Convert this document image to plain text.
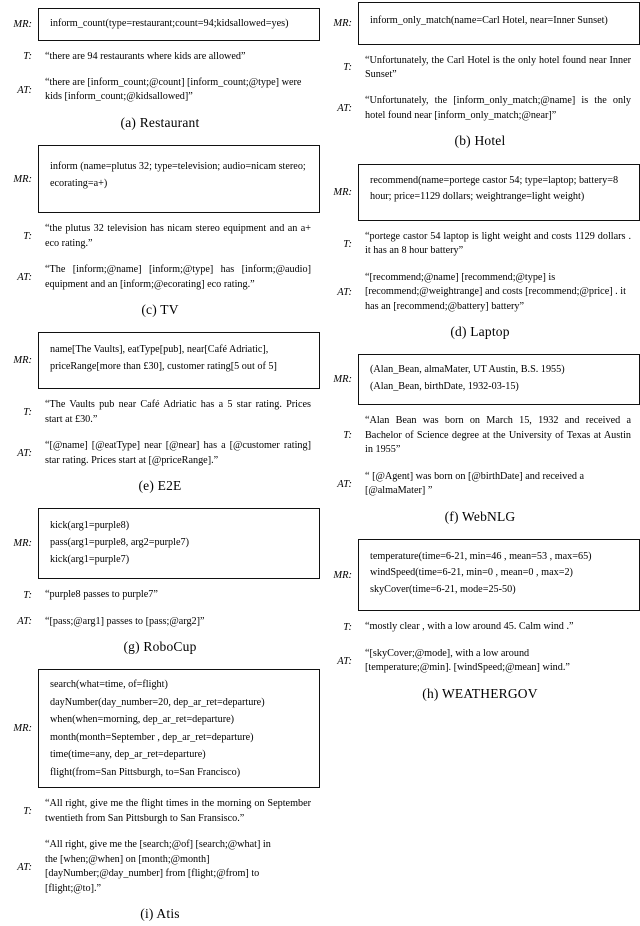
MR:	inform_count(type=restaurant;count=94;kidsallowed=yes)
T:	“there are 94 restaurants where kids are allowed”
AT:
“there are [inform_count;@count] [inform_count;@type] were kids [inform_count;@kidsallowed]”
(a) Restaurant
MR:
inform (name=plutus 32; type=television; audio=nicam stereo; ecorating=a+)
T:
“the plutus 32 television has nicam stereo equipment and an a+ eco rating.”
AT:
“The [inform;@name] [inform;@type] has [inform;@audio] equipment and an [inform;@ecorating] eco rating.”
(c) TV
MR:
name[The Vaults], eatType[pub], near[Café Adriatic], priceRange[more than £30], customer rating[5 out of 5]
T:
“The Vaults pub near Café Adriatic has a 5 star rating. Prices start at £30.”
AT:
“[@name] [@eatType] near [@near] has a [@customer rating] star rating. Prices start at [@priceRange].”
(e) E2E
MR:
kick(arg1=purple8)
pass(arg1=purple8, arg2=purple7)
kick(arg1=purple7)
T:	“purple8 passes to purple7”
AT:	“[pass;@arg1] passes to [pass;@arg2]”
(g) RoboCup
MR:
search(what=time, of=flight)
dayNumber(day_number=20, dep_ar_ret=departure)
when(when=morning, dep_ar_ret=departure)
month(month=September , dep_ar_ret=departure)
time(time=any, dep_ar_ret=departure)
flight(from=San Pittsburgh, to=San Francisco)
T:
“All right, give me the flight times in the morning on September twentieth from San Pittsburgh to San Fransisco.”
AT:
“All right, give me the [search;@of] [search;@what] in the [when;@when] on [month;@month] [dayNumber;@day_number] from [flight;@from] to [flight;@to].”
(i) Atis
MR:	inform_only_match(name=Carl Hotel, near=Inner Sunset)
T:
“Unfortunately, the Carl Hotel is the only hotel found near Inner Sunset”
AT:
“Unfortunately, the [inform_only_match;@name] is the only hotel found near [inform_only_match;@near]”
(b) Hotel
MR:
recommend(name=portege castor 54; type=laptop; battery=8 hour; price=1129 dollars; weightrange=light weight)
T:
“portege castor 54 laptop is light weight and costs 1129 dollars . it has an 8 hour battery”
AT:
“[recommend;@name] [recommend;@type] is [recommend;@weightrange] and costs [recommend;@price] . it has an [recommend;@battery] battery”
(d) Laptop
MR:
(Alan_Bean, almaMater, UT Austin, B.S. 1955)
(Alan_Bean, birthDate, 1932-03-15)
T:
“Alan Bean was born on March 15, 1932 and received a Bachelor of Science degree at the University of Texas at Austin in 1955”
AT:
“ [@Agent] was born on [@birthDate] and received a [@almaMater] ”
(f) WebNLG
MR:
temperature(time=6-21, min=46 , mean=53 , max=65)
windSpeed(time=6-21, min=0 , mean=0 , max=2)
skyCover(time=6-21, mode=25-50)
T:	“mostly clear , with a low around 45. Calm wind .”
AT:
“[skyCover;@mode], with a low around [temperature;@min]. [windSpeed;@mean] wind.”
(h) WEATHERGOV
